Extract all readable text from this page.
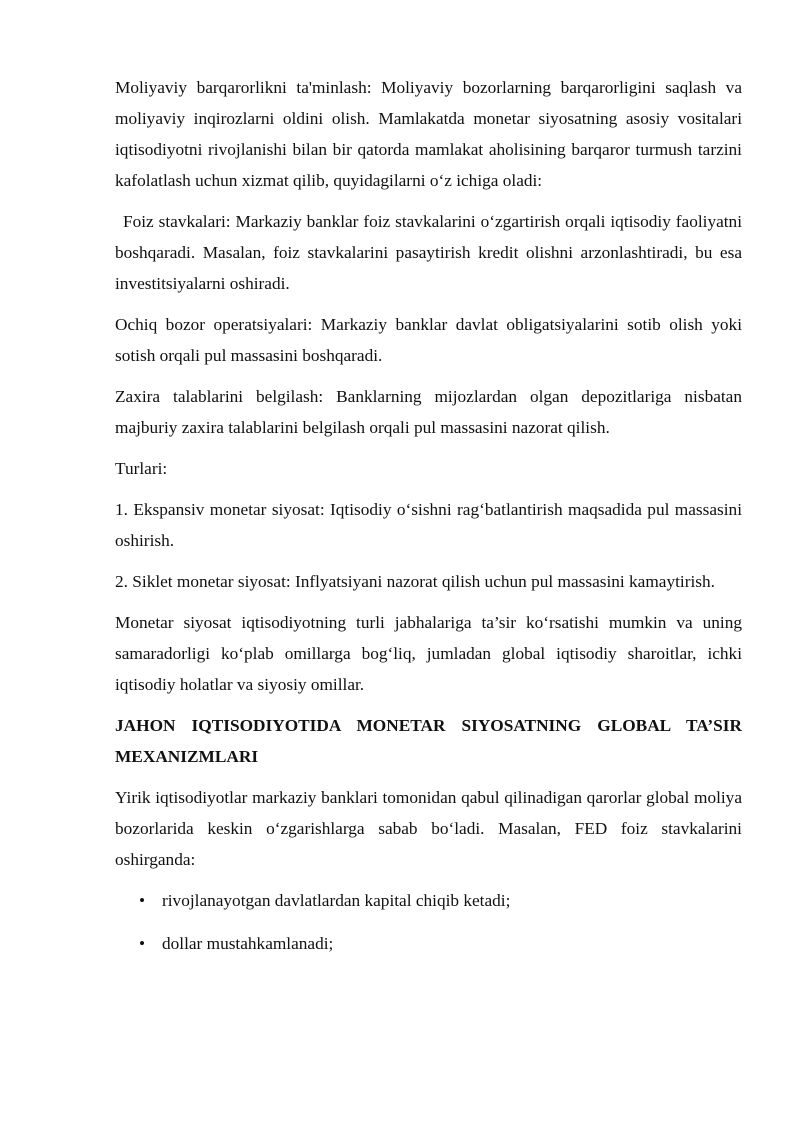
Moliyaviy barqarorlikni ta'minlash: Moliyaviy bozorlarning barqarorligini saqlash va moliyaviy inqirozlarni oldini olish. Mamlakatda monetar siyosatning asosiy vositalari iqtisodiyotni rivojlanishi bilan bir qatorda mamlakat aholisining barqaror turmush tarzini kafolatlash uchun xizmat qilib, quyidagilarni o‘z ichiga oladi:

Foiz stavkalari: Markaziy banklar foiz stavkalarini o‘zgartirish orqali iqtisodiy faoliyatni boshqaradi. Masalan, foiz stavkalarini pasaytirish kredit olishni arzonlashtiradi, bu esa investitsiyalarni oshiradi.

Ochiq bozor operatsiyalari: Markaziy banklar davlat obligatsiyalarini sotib olish yoki sotish orqali pul massasini boshqaradi.

Zaxira talablarini belgilash: Banklarning mijozlardan olgan depozitlariga nisbatan majburiy zaxira talablarini belgilash orqali pul massasini nazorat qilish.

Turlari:

1. Ekspansiv monetar siyosat: Iqtisodiy o‘sishni rag‘batlantirish maqsadida pul massasini oshirish.

2. Siklet monetar siyosat: Inflyatsiyani nazorat qilish uchun pul massasini kamaytirish.

Monetar siyosat iqtisodiyotning turli jabhalariga ta’sir ko‘rsatishi mumkin va uning samaradorligi ko‘plab omillarga bog‘liq, jumladan global iqtisodiy sharoitlar, ichki iqtisodiy holatlar va siyosiy omillar.

JAHON IQTISODIYOTIDA MONETAR SIYOSATNING GLOBAL TA’SIR MEXANIZMLARI

Yirik iqtisodiyotlar markaziy banklari tomonidan qabul qilinadigan qarorlar global moliya bozorlarida keskin o‘zgarishlarga sabab bo‘ladi. Masalan, FED foiz stavkalarini oshirganda:

• rivojlanayotgan davlatlardan kapital chiqib ketadi;
• dollar mustahkamlanadi;
